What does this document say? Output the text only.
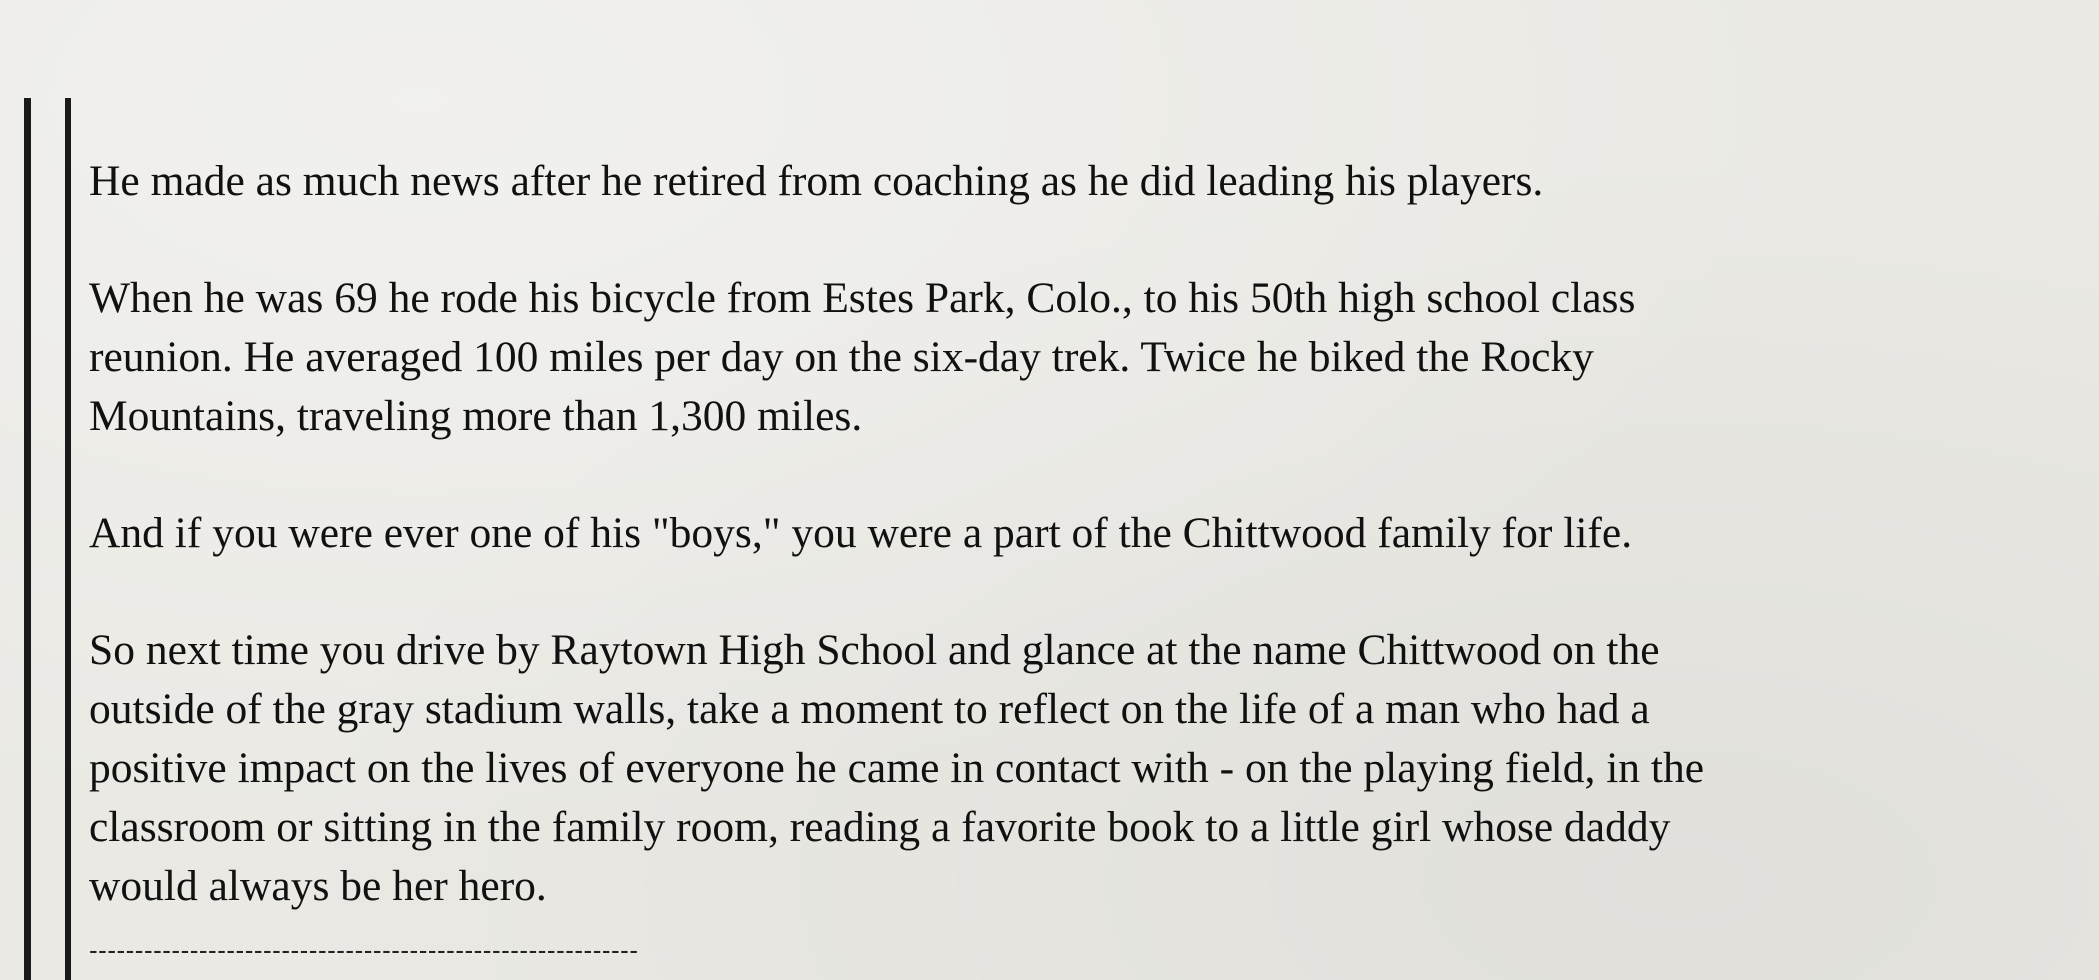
He made as much news after he retired from coaching as he did leading his players.

When he was 69 he rode his bicycle from Estes Park, Colo., to his 50th high school class
reunion. He averaged 100 miles per day on the six-day trek. Twice he biked the Rocky
Mountains, traveling more than 1,300 miles.

And if you were ever one of his "boys," you were a part of the Chittwood family for life.

So next time you drive by Raytown High School and glance at the name Chittwood on the
outside of the gray stadium walls, take a moment to reflect on the life of a man who had a
positive impact on the lives of everyone he came in contact with - on the playing field, in the
classroom or sitting in the family room, reading a favorite book to a little girl whose daddy
would always be her hero.

------------------------------------------------------------
